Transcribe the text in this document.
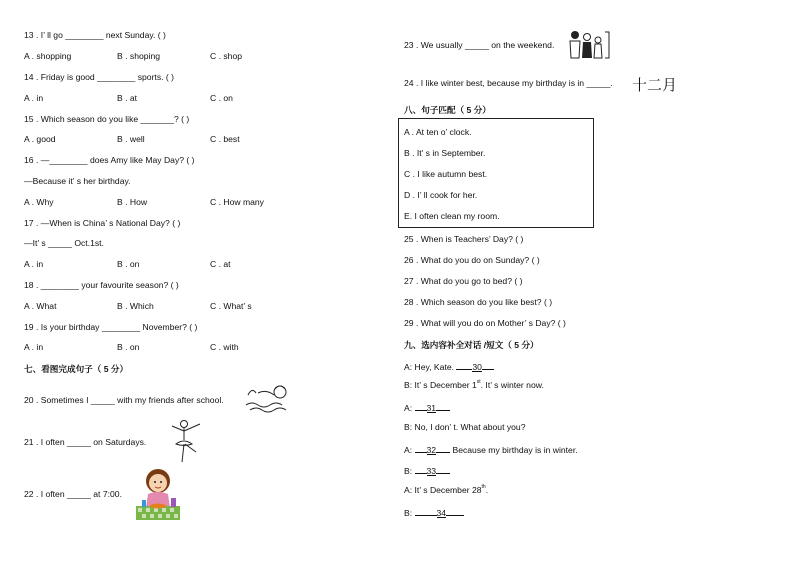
13 . I’ ll go ________ next Sunday. ( )
A . shopping	B . shoping	C . shop
14 . Friday is good ________ sports. ( )
A . in	B . at	C . on
15 . Which season do you like _______? ( )
A . good	B . well	C . best
16 . —________ does Amy like May Day? ( )
—Because it’ s her birthday.
A . Why	B . How	C . How many
17 . —When is China’ s National Day? ( )
—It’ s _____ Oct.1st.
A . in	B . on	C . at
18 . ________ your favourite season? ( )
A . What	B . Which	C . What’ s
19 . Is your birthday ________ November? ( )
A . in	B . on	C . with
七、看图完成句子（ 5 分）
20 . Sometimes I _____ with my friends after school.
21 . I often _____ on Saturdays.
22 . I often _____ at 7:00.
23 . We usually _____ on the weekend.
24 . I like winter best, because my birthday is in _____. 十二月
八、句子匹配（ 5 分）
A . At ten o’ clock.
B . It’ s in September.
C . I like autumn best.
D . I’ ll cook for her.
E. I often clean my room.
25 . When is Teachers’ Day? ( )
26 . What do you do on Sunday? ( )
27 . What do you go to bed? ( )
28 . Which season do you like best? ( )
29 . What will you do on Mother’ s Day? ( )
九、选内容补全对话 /短文（ 5 分）
A: Hey, Kate. 30
B: It’ s December 1st. It’ s winter now.
A: 31
B: No, I don’ t. What about you?
A: 32 Because my birthday is in winter.
B: 33
A: It’ s December 28th.
B:	34
